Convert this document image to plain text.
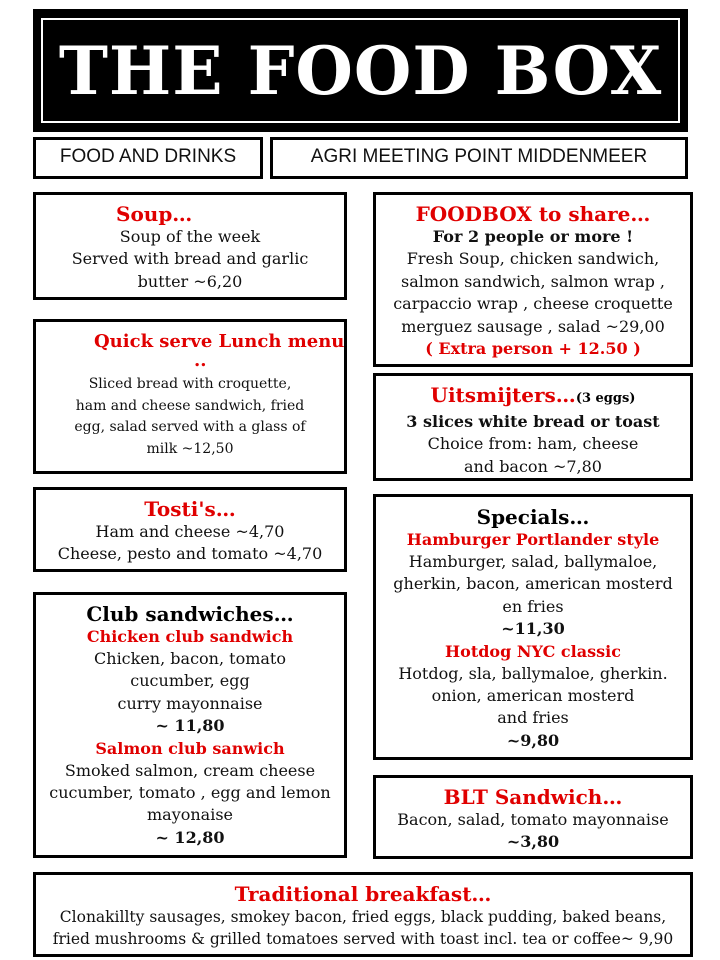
THE FOOD BOX
FOOD AND DRINKS	AGRI MEETING POINT MIDDENMEER
Soup…
Soup of the week
Served with bread and garlic
butter ~6,20
Quick serve Lunch menu
..
Sliced bread with croquette,
ham and cheese sandwich, fried
egg, salad served with a glass of
milk ~12,50
Tosti's…
Ham and cheese ~4,70
Cheese, pesto and tomato ~4,70
Club sandwiches…
Chicken club sandwich
Chicken, bacon, tomato
cucumber, egg
curry mayonnaise
~ 11,80
Salmon club sanwich
Smoked salmon, cream cheese
cucumber, tomato , egg and lemon
mayonaise
~ 12,80
FOODBOX to share…
For 2 people or more !
Fresh Soup, chicken sandwich,
salmon sandwich, salmon wrap ,
carpaccio wrap , cheese croquette
merguez sausage , salad ~29,00
( Extra person + 12.50 )
Uitsmijters…(3 eggs)
3 slices white bread or toast
Choice from: ham, cheese
and bacon ~7,80
Specials…
Hamburger Portlander style
Hamburger, salad, ballymaloe,
gherkin, bacon, american mosterd
en fries
~11,30
Hotdog NYC classic
Hotdog, sla, ballymaloe, gherkin.
onion, american mosterd
and fries
~9,80
BLT Sandwich…
Bacon, salad, tomato mayonnaise
~3,80
Traditional breakfast…
Clonakillty sausages, smokey bacon, fried eggs, black pudding, baked beans,
fried mushrooms & grilled tomatoes served with toast incl. tea or coffee~ 9,90
